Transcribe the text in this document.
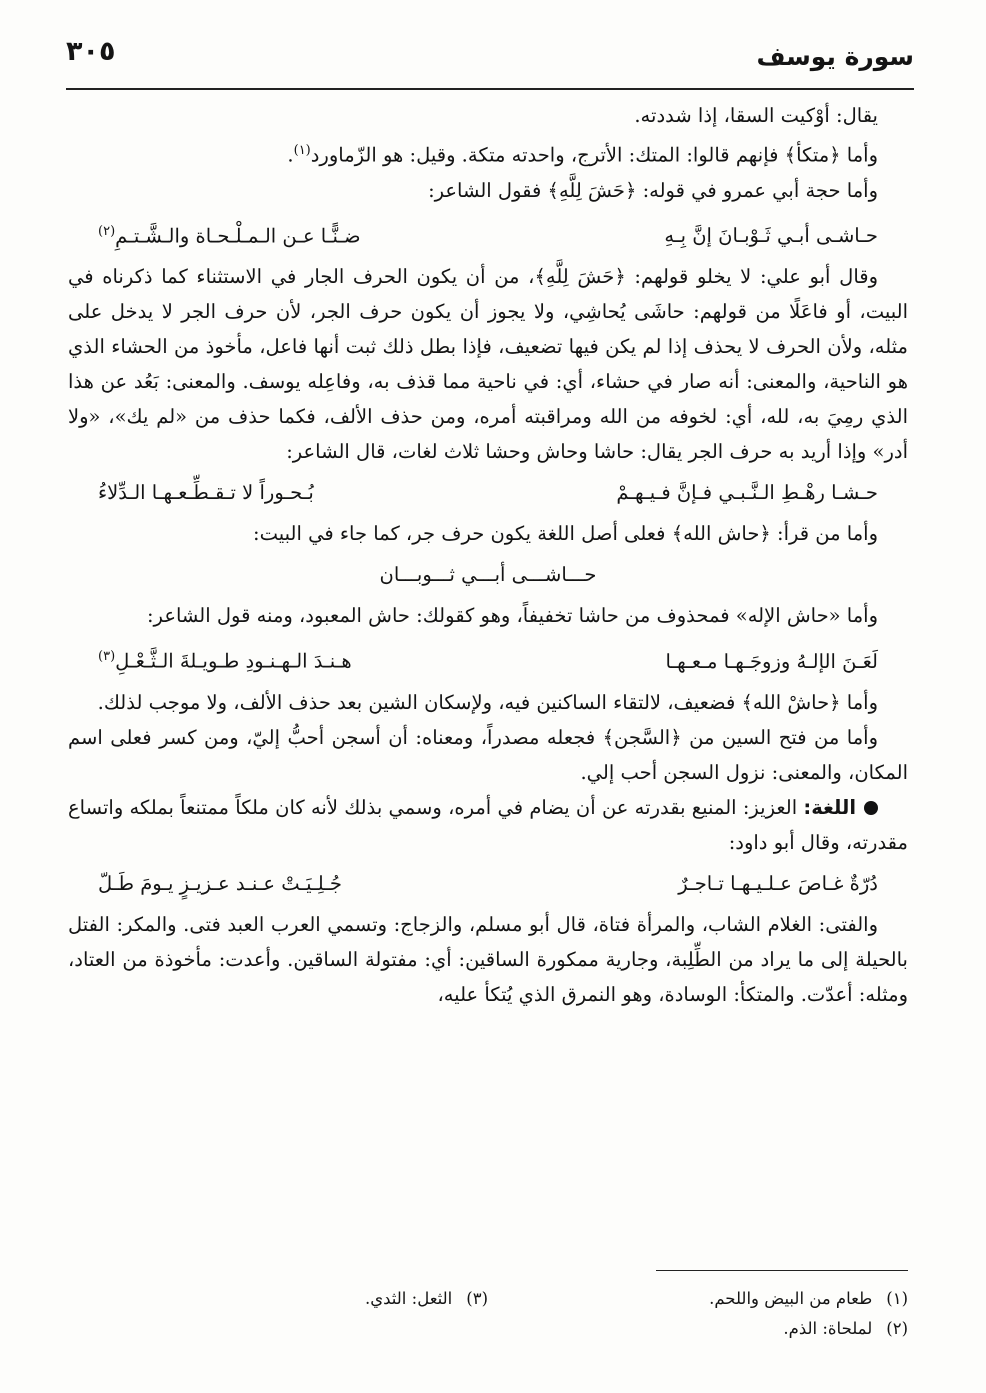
سورة يوسف
٣٠٥

يقال: أوْكيت السقا، إذا شددته.

وأما ﴿متكأ﴾ فإنهم قالوا: المتك: الأترج، واحدته متكة. وقيل: هو الزّماورد$^{(١)}$.

وأما حجة أبي عمرو في قوله: ﴿حَشَ لِلَّهِ﴾ فقول الشاعر:

حـاشـى أبـي ثَـوْبـانَ إنَّ بِـهِ
ضـنًّـا عـن الـمـلْـحـاة والـشَّـتـمِ$^{(٢)}$

وقال أبو علي: لا يخلو قولهم: ﴿حَشَ لِلَّهِ﴾، من أن يكون الحرف الجار في الاستثناء كما ذكرناه في البيت، أو فاعَلًا من قولهم: حاشَى يُحاشِي، ولا يجوز أن يكون حرف الجر، لأن حرف الجر لا يدخل على مثله، ولأن الحرف لا يحذف إذا لم يكن فيها تضعيف، فإذا بطل ذلك ثبت أنها فاعل، مأخوذ من الحشاء الذي هو الناحية، والمعنى: أنه صار في حشاء، أي: في ناحية مما قذف به، وفاعِله يوسف. والمعنى: بَعُد عن هذا الذي رمِيَ به، لله، أي: لخوفه من الله ومراقبته أمره، ومن حذف الألف، فكما حذف من «لم يك»، «ولا أدر» وإذا أريد به حرف الجر يقال: حاشا وحاش وحشا ثلاث لغات، قال الشاعر:

حـشـا رهْـطِ الـنَّـبـي فـإنَّ فـيـهـمْ
بُـحـوراً لا تـقـطِّـعـهـا الـدِّلاءُ

وأما من قرأ: ﴿حاش الله﴾ فعلى أصل اللغة يكون حرف جر، كما جاء في البيت:

حـــاشـــى أبـــي ثـــوبـــان

وأما «حاش الإله» فمحذوف من حاشا تخفيفاً، وهو كقولك: حاش المعبود، ومنه قول الشاعر:

لَعَـنَ الإلـهُ وزوجَـهـا مـعـهـا
هـنـدَ الـهـنـودِ طـويـلةَ الـثَّـعْـلِ$^{(٣)}$

وأما ﴿حاشْ الله﴾ فضعيف، لالتقاء الساكنين فيه، ولإسكان الشين بعد حذف الألف، ولا موجب لذلك.

وأما من فتح السين من ﴿السَّجن﴾ فجعله مصدراً، ومعناه: أن أسجن أحبُّ إليّ، ومن كسر فعلى اسم المكان، والمعنى: نزول السجن أحب إلي.

اللغة: العزيز: المنيع بقدرته عن أن يضام في أمره، وسمي بذلك لأنه كان ملكاً ممتنعاً بملكه واتساع مقدرته، وقال أبو داود:

دُرّةٌ غـاصَ عـلـيـهـا تـاجـرٌ
جُـلِـيَـتْ عـنـد عـزيـزٍ يـومَ طَـلّ

والفتى: الغلام الشاب، والمرأة فتاة، قال أبو مسلم، والزجاج: وتسمي العرب العبد فتى. والمكر: الفتل بالحيلة إلى ما يراد من الطِّلِبة، وجارية ممكورة الساقين: أي: مفتولة الساقين. وأعدت: مأخوذة من العتاد، ومثله: أعدّت. والمتكأ: الوسادة، وهو النمرق الذي يُتكأ عليه،

(١)طعام من البيض واللحم.
(٣)الثعل: الثدي.
(٢)لملحاة: الذم.
